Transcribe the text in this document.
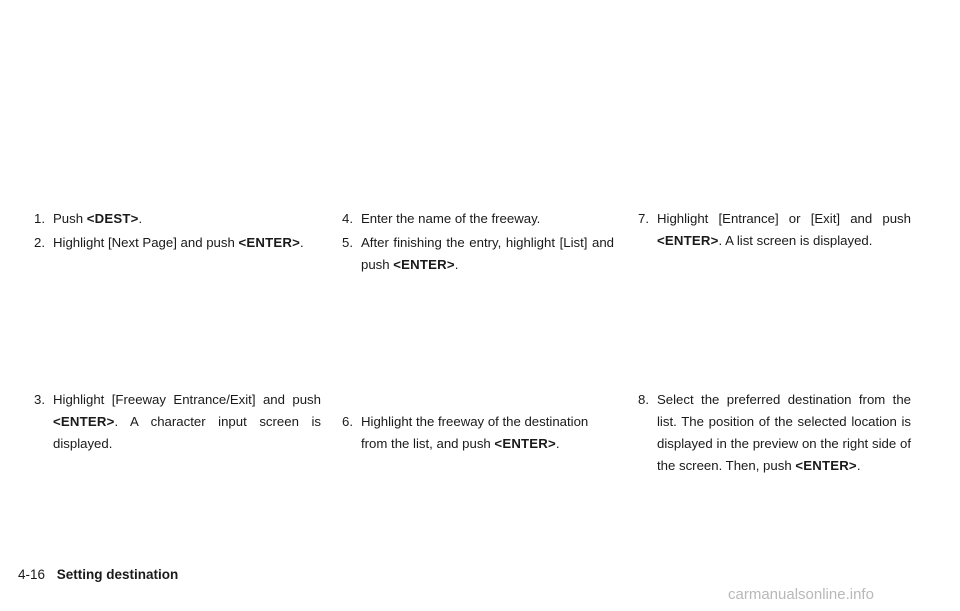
1. Push <DEST>.
2. Highlight [Next Page] and push <ENTER>.
3. Highlight [Freeway Entrance/Exit] and push <ENTER>. A character input screen is displayed.
4. Enter the name of the freeway.
5. After finishing the entry, highlight [List] and push <ENTER>.
6. Highlight the freeway of the destination from the list, and push <ENTER>.
7. Highlight [Entrance] or [Exit] and push <ENTER>. A list screen is displayed.
8. Select the preferred destination from the list. The position of the selected location is displayed in the preview on the right side of the screen. Then, push <ENTER>.
4-16 Setting destination
carmanualsonline.info
